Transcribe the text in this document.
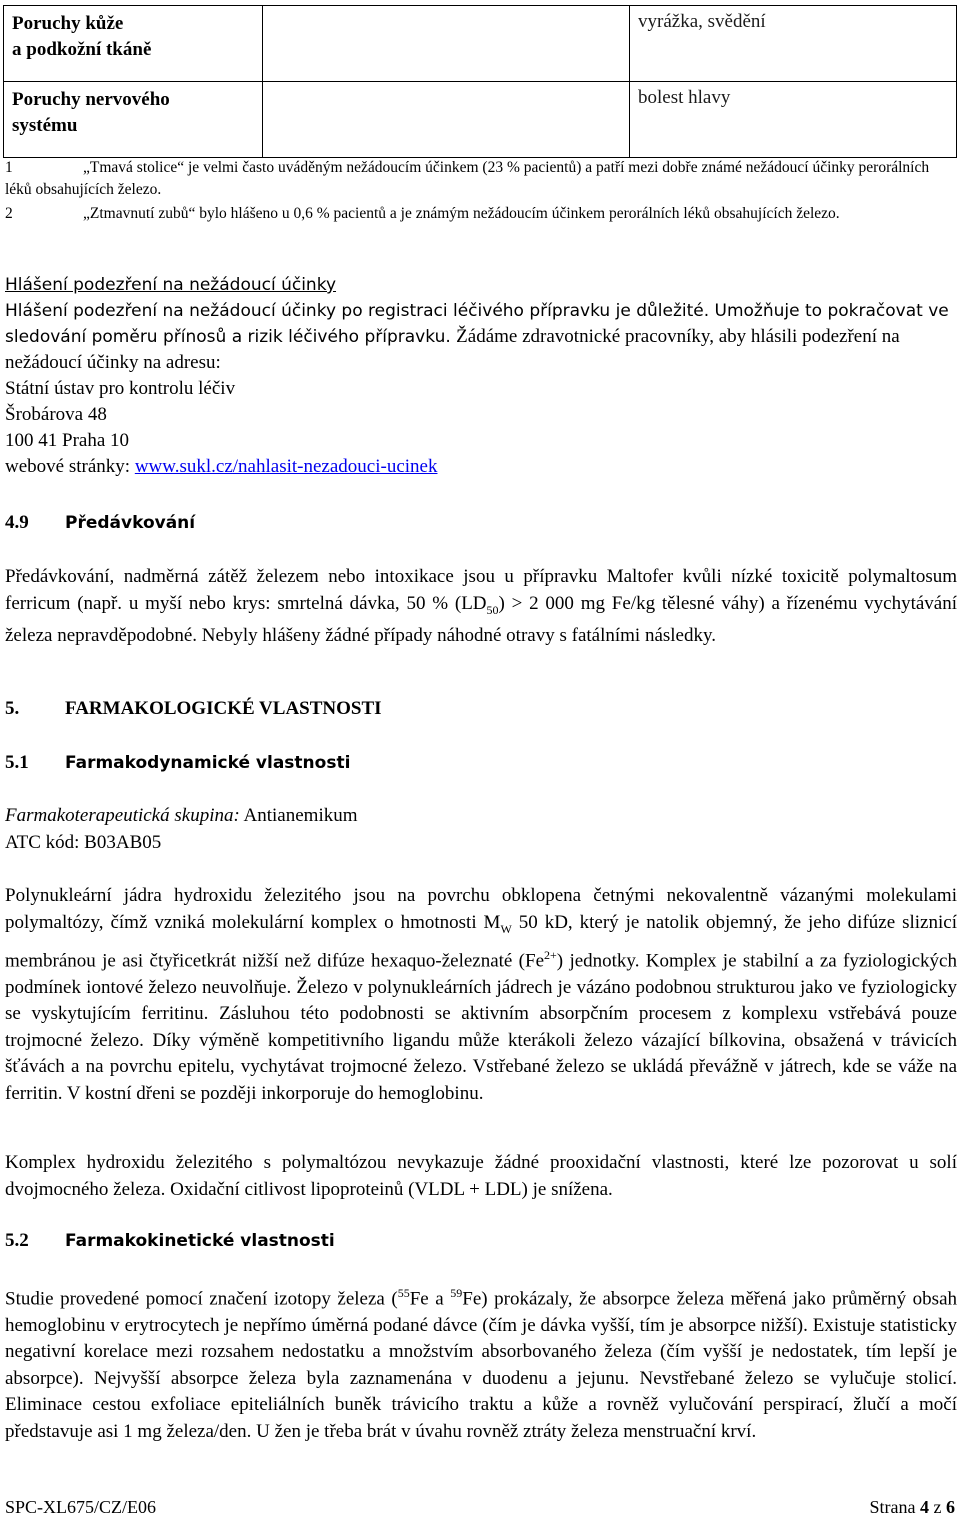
Poruchy kůže
a podkožní tkáně		vyrážka, svědění
Poruchy nervového
systému		bolest hlavy
1	„Tmavá stolice“ je velmi často uváděným nežádoucím účinkem (23 % pacientů) a patří mezi dobře známé nežádoucí účinky perorálních léků obsahujících železo.
2	„Ztmavnutí zubů“ bylo hlášeno u 0,6 % pacientů a je známým nežádoucím účinkem perorálních léků obsahujících železo.
Hlášení podezření na nežádoucí účinky
Hlášení podezření na nežádoucí účinky po registraci léčivého přípravku je důležité. Umožňuje to pokračovat ve sledování poměru přínosů a rizik léčivého přípravku. Žádáme zdravotnické pracovníky, aby hlásili podezření na nežádoucí účinky na adresu:
Státní ústav pro kontrolu léčiv
Šrobárova 48
100 41 Praha 10
webové stránky: www.sukl.cz/nahlasit-nezadouci-ucinek
4.9 Předávkování
Předávkování, nadměrná zátěž železem nebo intoxikace jsou u přípravku Maltofer kvůli nízké toxicitě polymaltosum ferricum (např. u myší nebo krys: smrtelná dávka, 50 % $(LD_{50}) > 2$ 000 mg Fe/kg tělesné váhy) a řízenému vychytávání železa nepravděpodobné. Nebyly hlášeny žádné případy náhodné otravy s fatálními následky.
5. FARMAKOLOGICKÉ VLASTNOSTI
5.1 Farmakodynamické vlastnosti
Farmakoterapeutická skupina: Antianemikum
ATC kód: B03AB05
Polynukleární jádra hydroxidu železitého jsou na povrchu obklopena četnými nekovalentně vázanými molekulami polymaltózy, čímž vzniká molekulární komplex o hmotnosti $M_W$ 50 kD, který je natolik objemný, že jeho difúze sliznicí membránou je asi čtyřicetkrát nižší než difúze hexaquo-železnaté $(Fe^{2+})$ jednotky. Komplex je stabilní a za fyziologických podmínek iontové železo neuvolňuje. Železo v polynukleárních jádrech je vázáno podobnou strukturou jako ve fyziologicky se vyskytujícím ferritinu. Zásluhou této podobnosti se aktivním absorpčním procesem z komplexu vstřebává pouze trojmocné železo. Díky výměně kompetitivního ligandu může kterákoli železo vázající bílkovina, obsažená v trávicích šťávách a na povrchu epitelu, vychytávat trojmocné železo. Vstřebané železo se ukládá převážně v játrech, kde se váže na ferritin. V kostní dřeni se později inkorporuje do hemoglobinu.
Komplex hydroxidu železitého s polymaltózou nevykazuje žádné prooxidační vlastnosti, které lze pozorovat u solí dvojmocného železa. Oxidační citlivost lipoproteinů (VLDL + LDL) je snížena.
5.2 Farmakokinetické vlastnosti
Studie provedené pomocí značení izotopy železa ($^{55}$Fe a $^{59}$Fe) prokázaly, že absorpce železa měřená jako průměrný obsah hemoglobinu v erytrocytech je nepřímo úměrná podané dávce (čím je dávka vyšší, tím je absorpce nižší). Existuje statisticky negativní korelace mezi rozsahem nedostatku a množstvím absorbovaného železa (čím vyšší je nedostatek, tím lepší je absorpce). Nejvyšší absorpce železa byla zaznamenána v duodenu a jejunu. Nevstřebané železo se vylučuje stolicí. Eliminace cestou exfoliace epiteliálních buněk trávicího traktu a kůže a rovněž vylučování perspirací, žlučí a močí představuje asi 1 mg železa/den. U žen je třeba brát v úvahu rovněž ztráty železa menstruační krví.
SPC-XL675/CZ/E06	Strana 4 z 6
